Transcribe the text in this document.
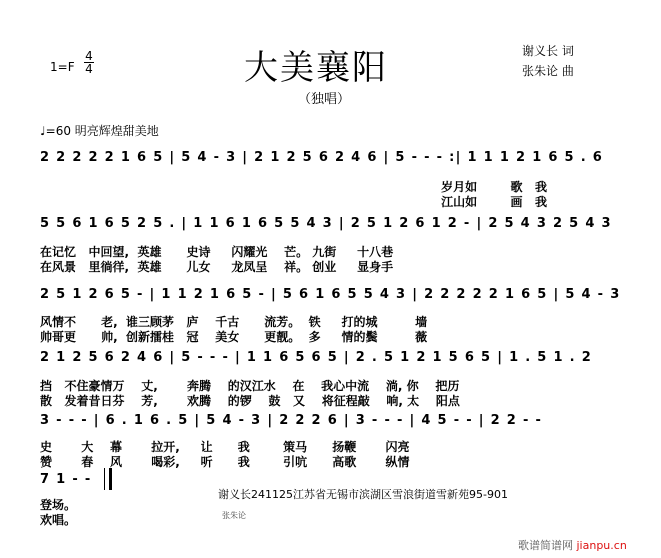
1=F
4
4	大美襄阳
（独唱）
谢义长 词
张朱论 曲
♩=60 明亮辉煌甜美地
2 2 2 2 2 1 6 5 | 5 4 - 3 | 2 1 2 5 6 2 4 6 | 5 - - - :| 1 1 1 2 1 6 5 . 6
岁月如        歌   我
江山如        画   我
5 5 6 1 6 5 2 5 . | 1 1 6 1 6 5 5 4 3 | 2 5 1 2 6 1 2 - | 2 5 4 3 2 5 4 3
在记忆   中回望,  英雄      史诗     闪耀光    芒。 九街     十八巷
在风景   里徜徉,  英雄      儿女     龙凤呈    祥。 创业     显身手
2 5 1 2 6 5 - | 1 1 2 1 6 5 - | 5 6 1 6 5 5 4 3 | 2 2 2 2 2 1 6 5 | 5 4 - 3
风情不      老,  谁三顾茅   庐    千古      流芳。  铁     打的城         墙
帅哥更      帅,  创新擂桂   冠    美女      更靓。  多     情的鬓         薇
2 1 2 5 6 2 4 6 | 5 - - - | 1 1 6 5 6 5 | 2 . 5 1 2 1 5 6 5 | 1 . 5 1 . 2
挡   不住豪情万    丈,       奔腾    的汉江水    在    我心中流    淌, 你    把历
散   发着昔日芬    芳,       欢腾    的锣    鼓   又    将征程敲    响, 太    阳点
3 - - - | 6 . 1 6 . 5 | 5 4 - 3 | 2 2 2 6 | 3 - - - | 4 5 - - | 2 2 - -
史       大    幕       拉开,     让      我        策马      扬鞭       闪亮
赞       春    风       喝彩,     听      我        引吭      高歌       纵情
7 1 - -
登场。
欢唱。
谢义长241125江苏省无锡市滨湖区雪浪街道雪新苑95-901
张朱论
歌谱简谱网 jianpu.cn
